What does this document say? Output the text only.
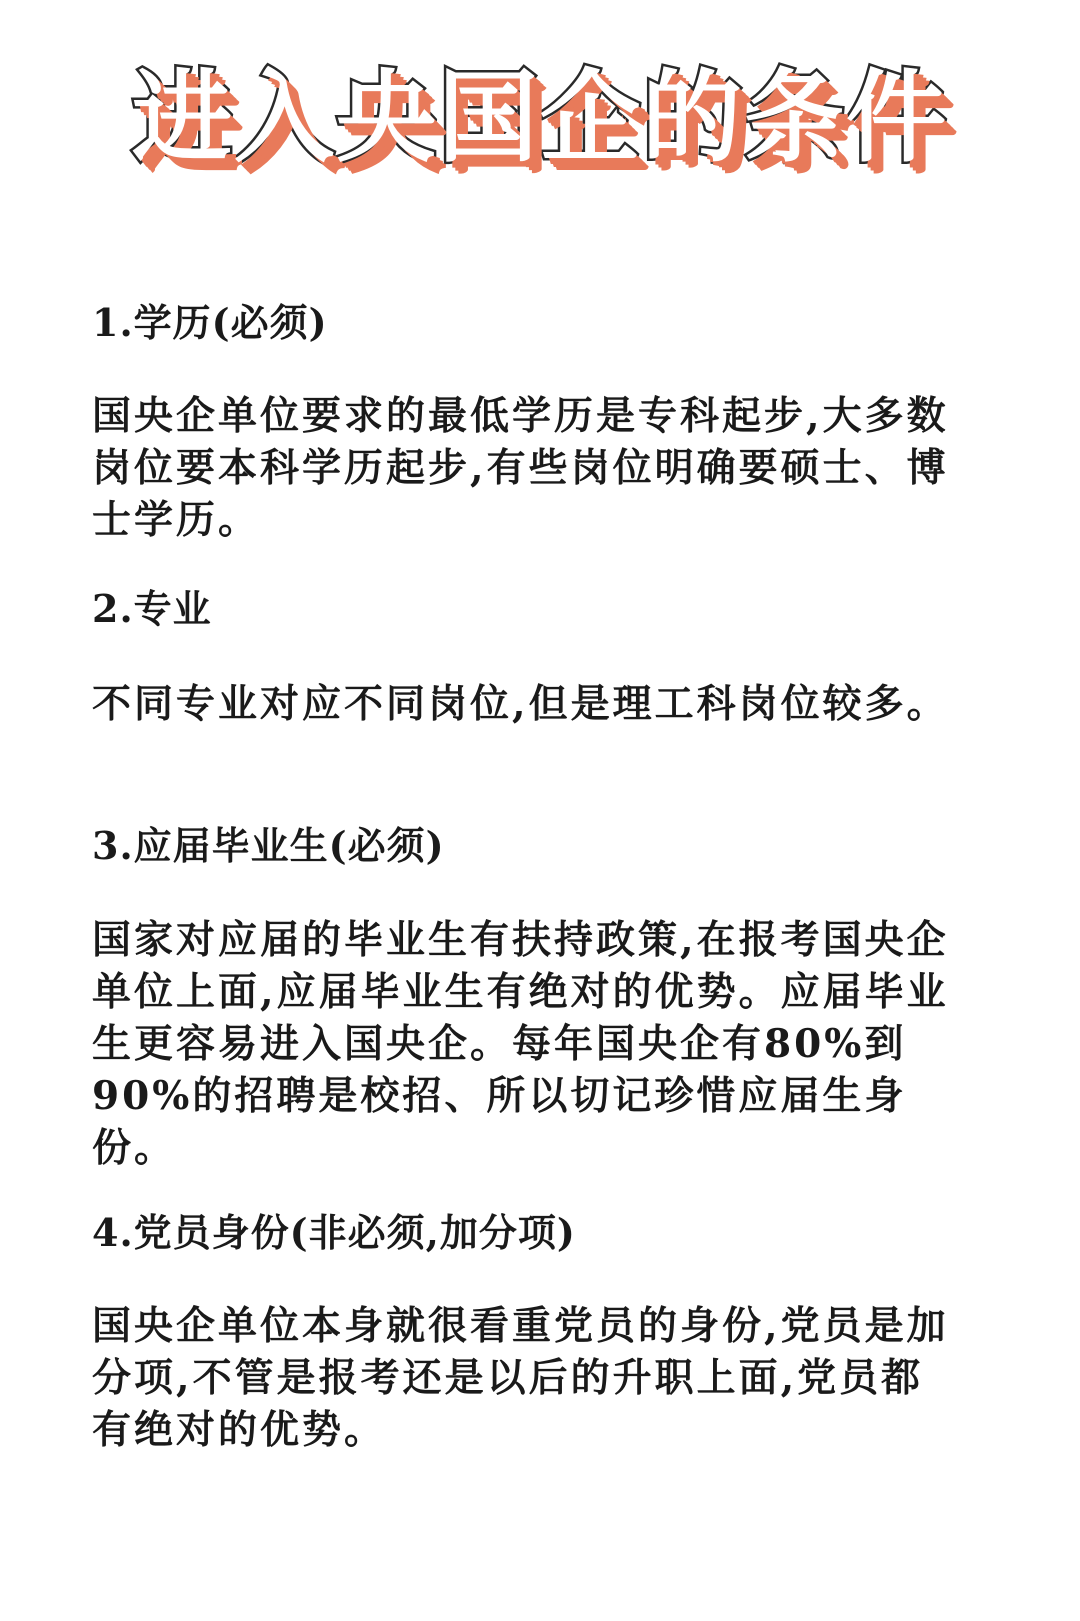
进入央国企的条件
1.学历(必须)

国央企单位要求的最低学历是专科起步,大多数岗位要本科学历起步,有些岗位明确要硕士、博士学历。

2.专业

不同专业对应不同岗位,但是理工科岗位较多。

3.应届毕业生(必须)

国家对应届的毕业生有扶持政策,在报考国央企单位上面,应届毕业生有绝对的优势。应届毕业生更容易进入国央企。每年国央企有80%到90%的招聘是校招、所以切记珍惜应届生身份。

4.党员身份(非必须,加分项)

国央企单位本身就很看重党员的身份,党员是加分项,不管是报考还是以后的升职上面,党员都有绝对的优势。
